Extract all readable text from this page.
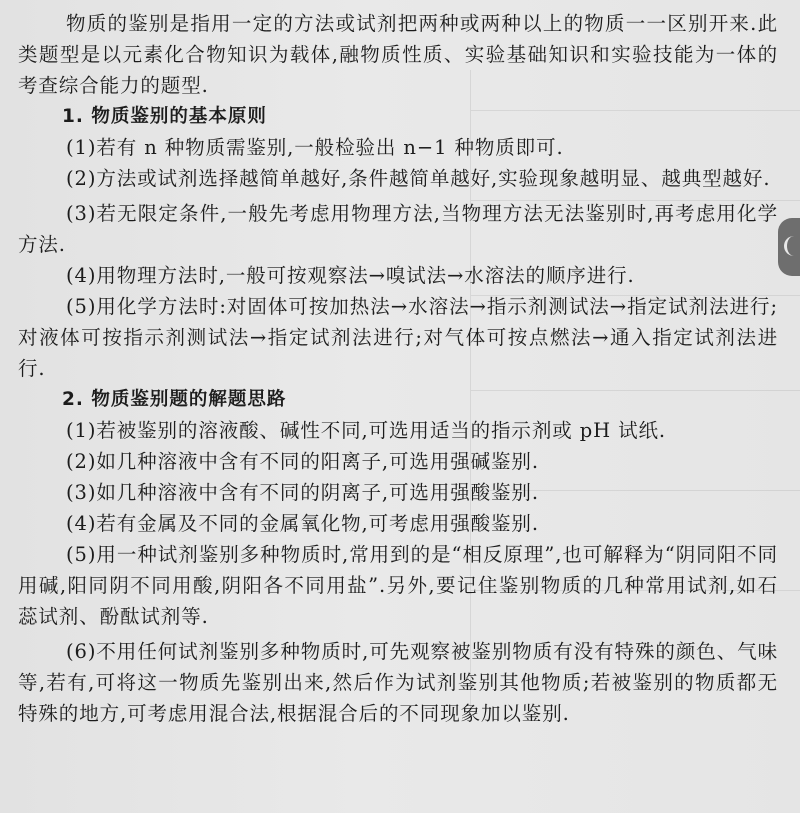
物质的鉴别是指用一定的方法或试剂把两种或两种以上的物质一一区别开来.此类题型是以元素化合物知识为载体,融物质性质、实验基础知识和实验技能为一体的考查综合能力的题型.

1. 物质鉴别的基本原则

(1)若有 n 种物质需鉴别,一般检验出 n−1 种物质即可.

(2)方法或试剂选择越简单越好,条件越简单越好,实验现象越明显、越典型越好.

(3)若无限定条件,一般先考虑用物理方法,当物理方法无法鉴别时,再考虑用化学方法.

(4)用物理方法时,一般可按观察法→嗅试法→水溶法的顺序进行.

(5)用化学方法时:对固体可按加热法→水溶法→指示剂测试法→指定试剂法进行;对液体可按指示剂测试法→指定试剂法进行;对气体可按点燃法→通入指定试剂法进行.

2. 物质鉴别题的解题思路

(1)若被鉴别的溶液酸、碱性不同,可选用适当的指示剂或 pH 试纸.

(2)如几种溶液中含有不同的阳离子,可选用强碱鉴别.

(3)如几种溶液中含有不同的阴离子,可选用强酸鉴别.

(4)若有金属及不同的金属氧化物,可考虑用强酸鉴别.

(5)用一种试剂鉴别多种物质时,常用到的是“相反原理”,也可解释为“阴同阳不同用碱,阳同阴不同用酸,阴阳各不同用盐”.另外,要记住鉴别物质的几种常用试剂,如石蕊试剂、酚酞试剂等.

(6)不用任何试剂鉴别多种物质时,可先观察被鉴别物质有没有特殊的颜色、气味等,若有,可将这一物质先鉴别出来,然后作为试剂鉴别其他物质;若被鉴别的物质都无特殊的地方,可考虑用混合法,根据混合后的不同现象加以鉴别.
